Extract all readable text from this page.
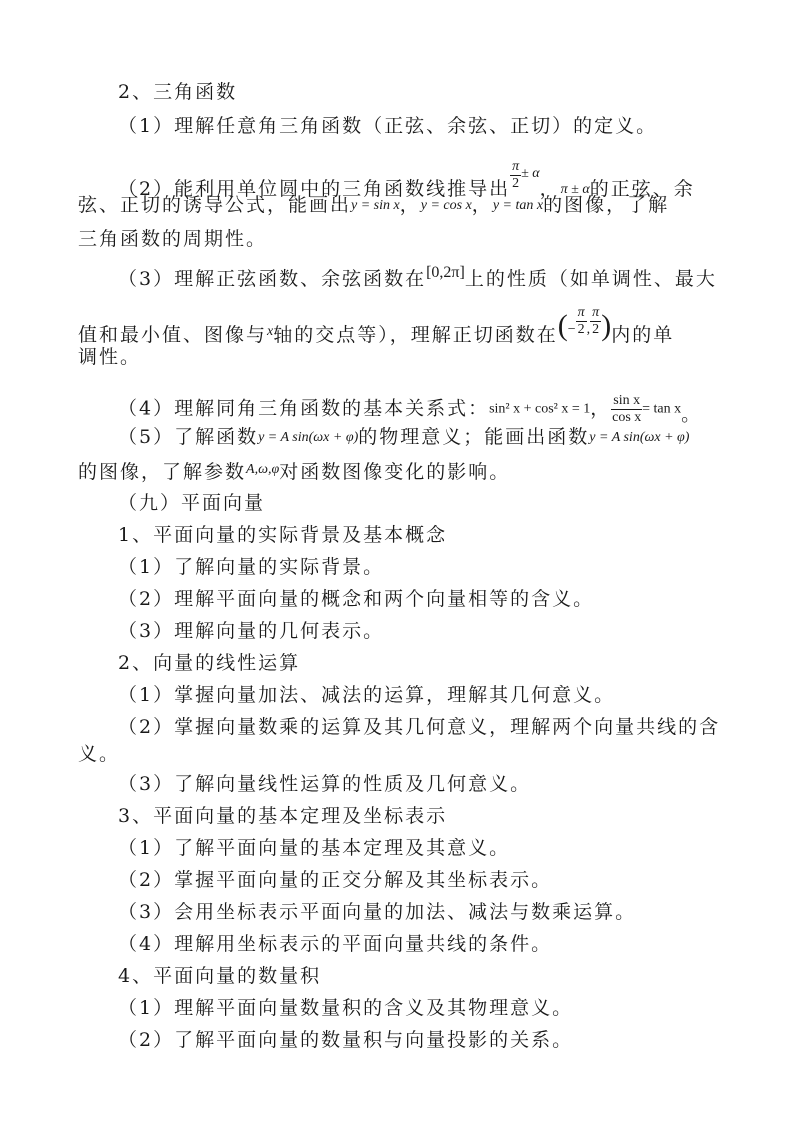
2、三角函数
（1）理解任意角三角函数（正弦、余弦、正切）的定义。
（2）能利用单位圆中的三角函数线推导出 $\frac{\pi}{2} ^{\pm \alpha}$，π ± α的正弦、余
弦、正切的诱导公式，能画出y = sin x，y = cos x，y = tan x的图像，了解
三角函数的周期性。
（3）理解正弦函数、余弦函数在[0,2π]上的性质（如单调性、最大
值和最小值、图像与$^x$轴的交点等），理解正切函数在($^- \frac{\pi}{2} ^, \frac{\pi}{2}$ )内的单
调性。
（4）理解同角三角函数的基本关系式：sin² x + cos² x = 1， $\frac{\text{sin x}}{\text{cos x}} = \tan x$。
（5）了解函数y = A sin(ωx + φ)的物理意义；能画出函数y = A sin(ωx + φ)
的图像，了解参数$^{A,\omega,\varphi}$对函数图像变化的影响。
（九）平面向量
1、平面向量的实际背景及基本概念
（1）了解向量的实际背景。
（2）理解平面向量的概念和两个向量相等的含义。
（3）理解向量的几何表示。
2、向量的线性运算
（1）掌握向量加法、减法的运算，理解其几何意义。
（2）掌握向量数乘的运算及其几何意义，理解两个向量共线的含
义。
（3）了解向量线性运算的性质及几何意义。
3、平面向量的基本定理及坐标表示
（1）了解平面向量的基本定理及其意义。
（2）掌握平面向量的正交分解及其坐标表示。
（3）会用坐标表示平面向量的加法、减法与数乘运算。
（4）理解用坐标表示的平面向量共线的条件。
4、平面向量的数量积
（1）理解平面向量数量积的含义及其物理意义。
（2）了解平面向量的数量积与向量投影的关系。
